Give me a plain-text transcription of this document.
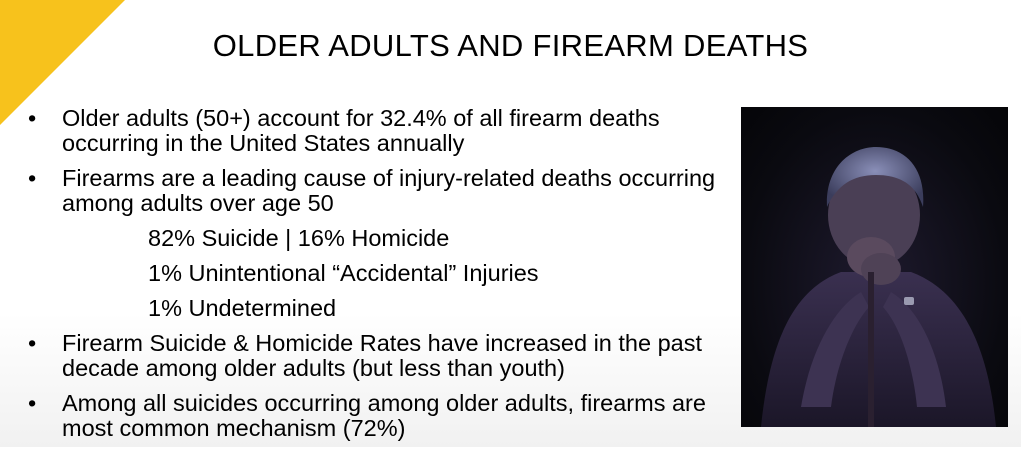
OLDER ADULTS AND FIREARM DEATHS
• Older adults (50+) account for 32.4% of all firearm deaths occurring in the United States annually
• Firearms are a leading cause of injury-related deaths occurring among adults over age 50
82% Suicide | 16% Homicide
1% Unintentional “Accidental” Injuries
1% Undetermined
• Firearm Suicide & Homicide Rates have increased in the past decade among older adults (but less than youth)
• Among all suicides occurring among older adults, firearms are most common mechanism (72%)
